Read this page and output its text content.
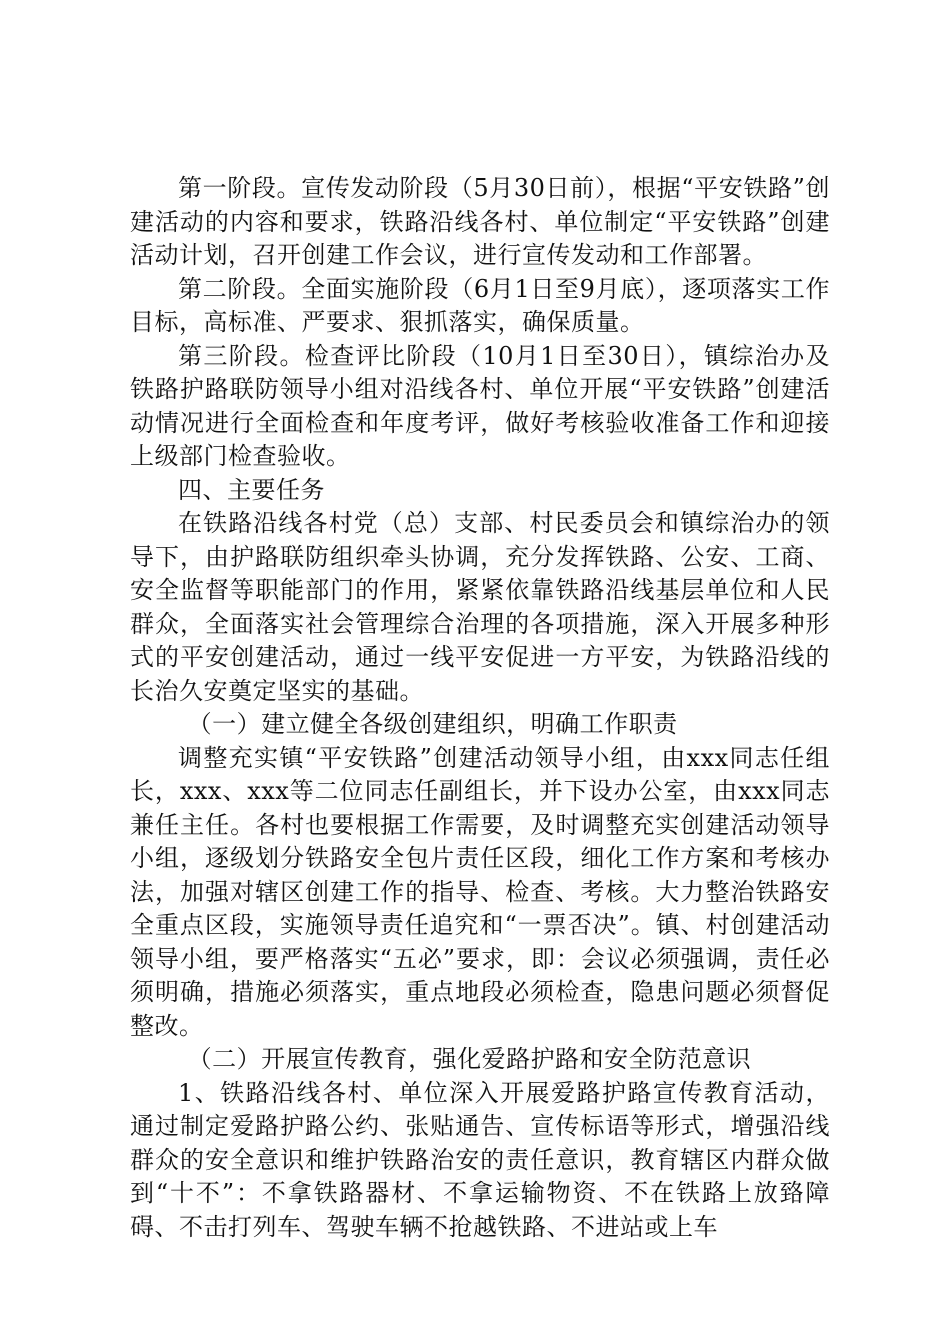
第一阶段。宣传发动阶段（5月30日前），根据“平安铁路”创建活动的内容和要求，铁路沿线各村、单位制定“平安铁路”创建活动计划，召开创建工作会议，进行宣传发动和工作部署。

第二阶段。全面实施阶段（6月1日至9月底），逐项落实工作目标，高标准、严要求、狠抓落实，确保质量。

第三阶段。检查评比阶段（10月1日至30日），镇综治办及铁路护路联防领导小组对沿线各村、单位开展“平安铁路”创建活动情况进行全面检查和年度考评，做好考核验收准备工作和迎接上级部门检查验收。

四、主要任务

在铁路沿线各村党（总）支部、村民委员会和镇综治办的领导下，由护路联防组织牵头协调，充分发挥铁路、公安、工商、安全监督等职能部门的作用，紧紧依靠铁路沿线基层单位和人民群众，全面落实社会管理综合治理的各项措施，深入开展多种形式的平安创建活动，通过一线平安促进一方平安，为铁路沿线的长治久安奠定坚实的基础。

（一）建立健全各级创建组织，明确工作职责

调整充实镇“平安铁路”创建活动领导小组，由xxx同志任组长，xxx、xxx等二位同志任副组长，并下设办公室，由xxx同志兼任主任。各村也要根据工作需要，及时调整充实创建活动领导小组，逐级划分铁路安全包片责任区段，细化工作方案和考核办法，加强对辖区创建工作的指导、检查、考核。大力整治铁路安全重点区段，实施领导责任追究和“一票否决”。镇、村创建活动领导小组，要严格落实“五必”要求，即：会议必须强调，责任必须明确，措施必须落实，重点地段必须检查，隐患问题必须督促整改。

（二）开展宣传教育，强化爱路护路和安全防范意识

1、铁路沿线各村、单位深入开展爱路护路宣传教育活动，通过制定爱路护路公约、张贴通告、宣传标语等形式，增强沿线群众的安全意识和维护铁路治安的责任意识，教育辖区内群众做到“十不”：不拿铁路器材、不拿运输物资、不在铁路上放臵障碍、不击打列车、驾驶车辆不抢越铁路、不进站或上车
